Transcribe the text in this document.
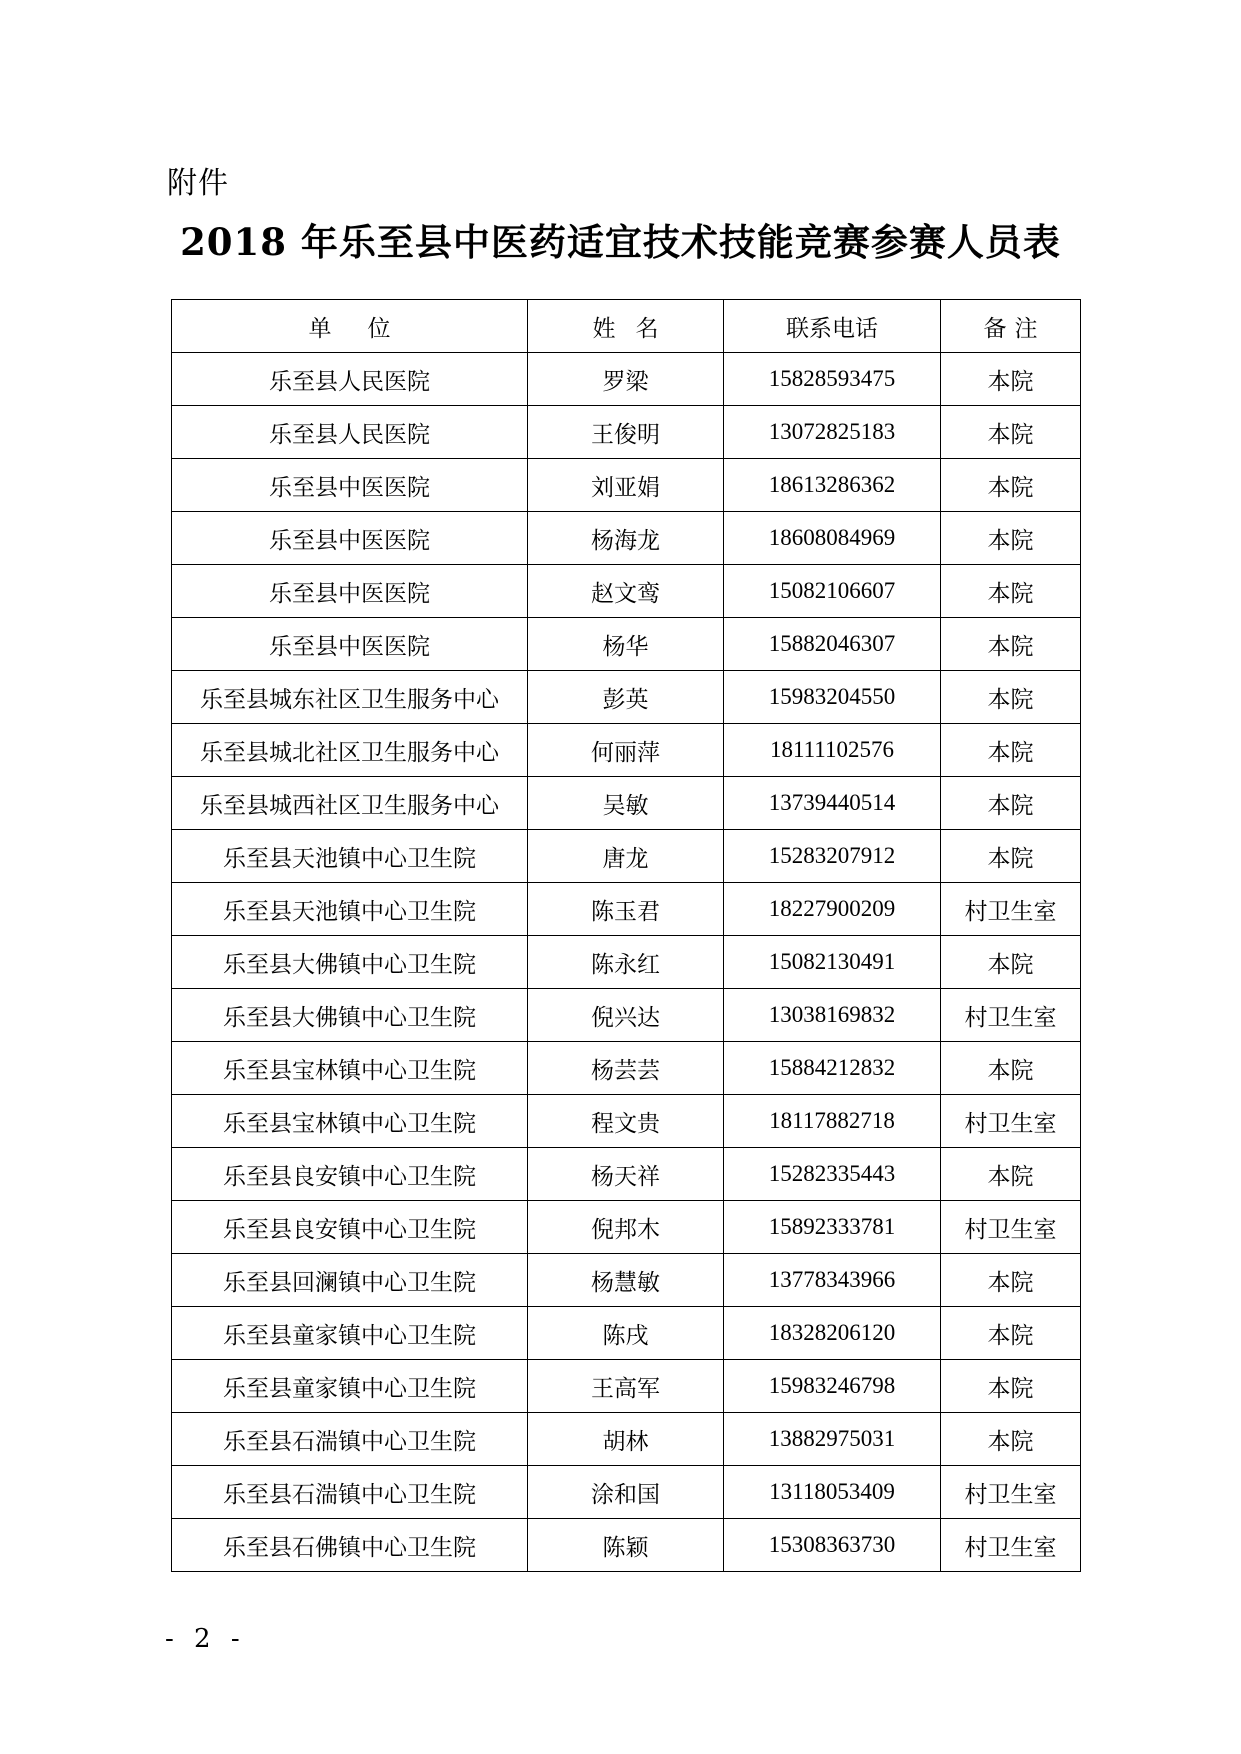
附件
2018 年乐至县中医药适宜技术技能竞赛参赛人员表
单位	姓名	联系电话	备注
乐至县人民医院	罗梁	15828593475	本院
乐至县人民医院	王俊明	13072825183	本院
乐至县中医医院	刘亚娟	18613286362	本院
乐至县中医医院	杨海龙	18608084969	本院
乐至县中医医院	赵文鸾	15082106607	本院
乐至县中医医院	杨华	15882046307	本院
乐至县城东社区卫生服务中心	彭英	15983204550	本院
乐至县城北社区卫生服务中心	何丽萍	18111102576	本院
乐至县城西社区卫生服务中心	吴敏	13739440514	本院
乐至县天池镇中心卫生院	唐龙	15283207912	本院
乐至县天池镇中心卫生院	陈玉君	18227900209	村卫生室
乐至县大佛镇中心卫生院	陈永红	15082130491	本院
乐至县大佛镇中心卫生院	倪兴达	13038169832	村卫生室
乐至县宝林镇中心卫生院	杨芸芸	15884212832	本院
乐至县宝林镇中心卫生院	程文贵	18117882718	村卫生室
乐至县良安镇中心卫生院	杨天祥	15282335443	本院
乐至县良安镇中心卫生院	倪邦木	15892333781	村卫生室
乐至县回澜镇中心卫生院	杨慧敏	13778343966	本院
乐至县童家镇中心卫生院	陈戌	18328206120	本院
乐至县童家镇中心卫生院	王高军	15983246798	本院
乐至县石湍镇中心卫生院	胡林	13882975031	本院
乐至县石湍镇中心卫生院	涂和国	13118053409	村卫生室
乐至县石佛镇中心卫生院	陈颖	15308363730	村卫生室
- 2 -
